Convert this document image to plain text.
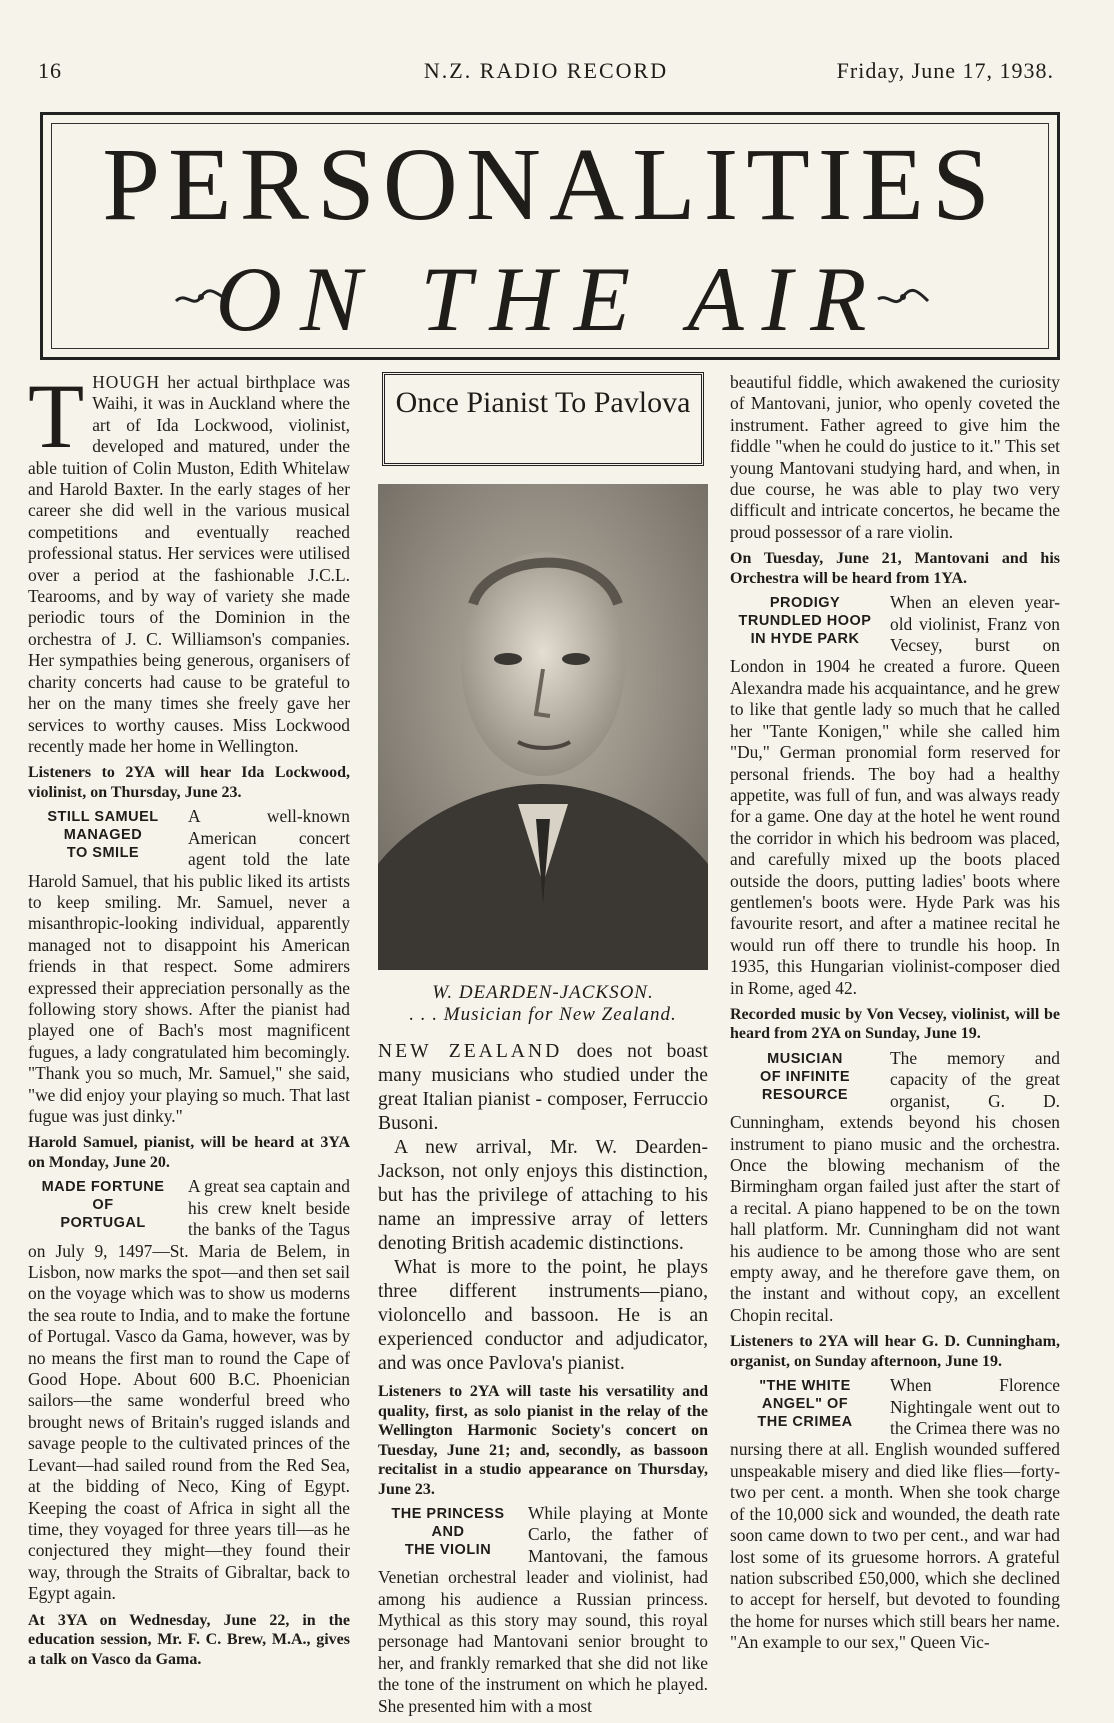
16	N.Z. RADIO RECORD	Friday, June 17, 1938.
PERSONALITIES
ON THE AIR

THOUGH her actual birthplace was Waihi, it was in Auckland where the art of Ida Lockwood, violinist, developed and matured, under the able tuition of Colin Muston, Edith Whitelaw and Harold Baxter. In the early stages of her career she did well in the various musical competitions and eventually reached professional status. Her services were utilised over a period at the fashionable J.C.L. Tearooms, and by way of variety she made periodic tours of the Dominion in the orchestra of J. C. Williamson's companies. Her sympathies being generous, organisers of charity concerts had cause to be grateful to her on the many times she freely gave her services to worthy causes. Miss Lockwood recently made her home in Wellington.

Listeners to 2YA will hear Ida Lockwood, violinist, on Thursday, June 23.

STILL SAMUEL
MANAGED
TO SMILE

A well-known American concert agent told the late Harold Samuel, that his public liked its artists to keep smiling. Mr. Samuel, never a misanthropic-looking individual, apparently managed not to disappoint his American friends in that respect. Some admirers expressed their appreciation personally as the following story shows. After the pianist had played one of Bach's most magnificent fugues, a lady congratulated him becomingly. "Thank you so much, Mr. Samuel," she said, "we did enjoy your playing so much. That last fugue was just dinky."

Harold Samuel, pianist, will be heard at 3YA on Monday, June 20.

MADE FORTUNE
OF
PORTUGAL

A great sea captain and his crew knelt beside the banks of the Tagus on July 9, 1497—St. Maria de Belem, in Lisbon, now marks the spot—and then set sail on the voyage which was to show us moderns the sea route to India, and to make the fortune of Portugal. Vasco da Gama, however, was by no means the first man to round the Cape of Good Hope. About 600 B.C. Phoenician sailors—the same wonderful breed who brought news of Britain's rugged islands and savage people to the cultivated princes of the Levant—had sailed round from the Red Sea, at the bidding of Neco, King of Egypt. Keeping the coast of Africa in sight all the time, they voyaged for three years till—as he conjectured they might—they found their way, through the Straits of Gibraltar, back to Egypt again.

At 3YA on Wednesday, June 22, in the education session, Mr. F. C. Brew, M.A., gives a talk on Vasco da Gama.

Once Pianist To Pavlova

W. DEARDEN-JACKSON.

. . . Musician for New Zealand.

NEW ZEALAND does not boast many musicians who studied under the great Italian pianist - composer, Ferruccio Busoni.

A new arrival, Mr. W. Dearden-Jackson, not only enjoys this distinction, but has the privilege of attaching to his name an impressive array of letters denoting British academic distinctions.

What is more to the point, he plays three different instruments—piano, violoncello and bassoon. He is an experienced conductor and adjudicator, and was once Pavlova's pianist.

Listeners to 2YA will taste his versatility and quality, first, as solo pianist in the relay of the Wellington Harmonic Society's concert on Tuesday, June 21; and, secondly, as bassoon recitalist in a studio appearance on Thursday, June 23.

THE PRINCESS
AND
THE VIOLIN

While playing at Monte Carlo, the father of Mantovani, the famous Venetian orchestral leader and violinist, had among his audience a Russian princess. Mythical as this story may sound, this royal personage had Mantovani senior brought to her, and frankly remarked that she did not like the tone of the instrument on which he played. She presented him with a most

beautiful fiddle, which awakened the curiosity of Mantovani, junior, who openly coveted the instrument. Father agreed to give him the fiddle "when he could do justice to it." This set young Mantovani studying hard, and when, in due course, he was able to play two very difficult and intricate concertos, he became the proud possessor of a rare violin.

On Tuesday, June 21, Mantovani and his Orchestra will be heard from 1YA.

PRODIGY
TRUNDLED HOOP
IN HYDE PARK

When an eleven year-old violinist, Franz von Vecsey, burst on London in 1904 he created a furore. Queen Alexandra made his acquaintance, and he grew to like that gentle lady so much that he called her "Tante Konigen," while she called him "Du," German pronomial form reserved for personal friends. The boy had a healthy appetite, was full of fun, and was always ready for a game. One day at the hotel he went round the corridor in which his bedroom was placed, and carefully mixed up the boots placed outside the doors, putting ladies' boots where gentlemen's boots were. Hyde Park was his favourite resort, and after a matinee recital he would run off there to trundle his hoop. In 1935, this Hungarian violinist-composer died in Rome, aged 42.

Recorded music by Von Vecsey, violinist, will be heard from 2YA on Sunday, June 19.

MUSICIAN
OF INFINITE
RESOURCE

The memory and capacity of the great organist, G. D. Cunningham, extends beyond his chosen instrument to piano music and the orchestra. Once the blowing mechanism of the Birmingham organ failed just after the start of a recital. A piano happened to be on the town hall platform. Mr. Cunningham did not want his audience to be among those who are sent empty away, and he therefore gave them, on the instant and without copy, an excellent Chopin recital.

Listeners to 2YA will hear G. D. Cunningham, organist, on Sunday afternoon, June 19.

"THE WHITE
ANGEL" OF
THE CRIMEA

When Florence Nightingale went out to the Crimea there was no nursing there at all. English wounded suffered unspeakable misery and died like flies—forty-two per cent. a month. When she took charge of the 10,000 sick and wounded, the death rate soon came down to two per cent., and war had lost some of its gruesome horrors. A grateful nation subscribed £50,000, which she declined to accept for herself, but devoted to founding the home for nurses which still bears her name. "An example to our sex," Queen Vic-
